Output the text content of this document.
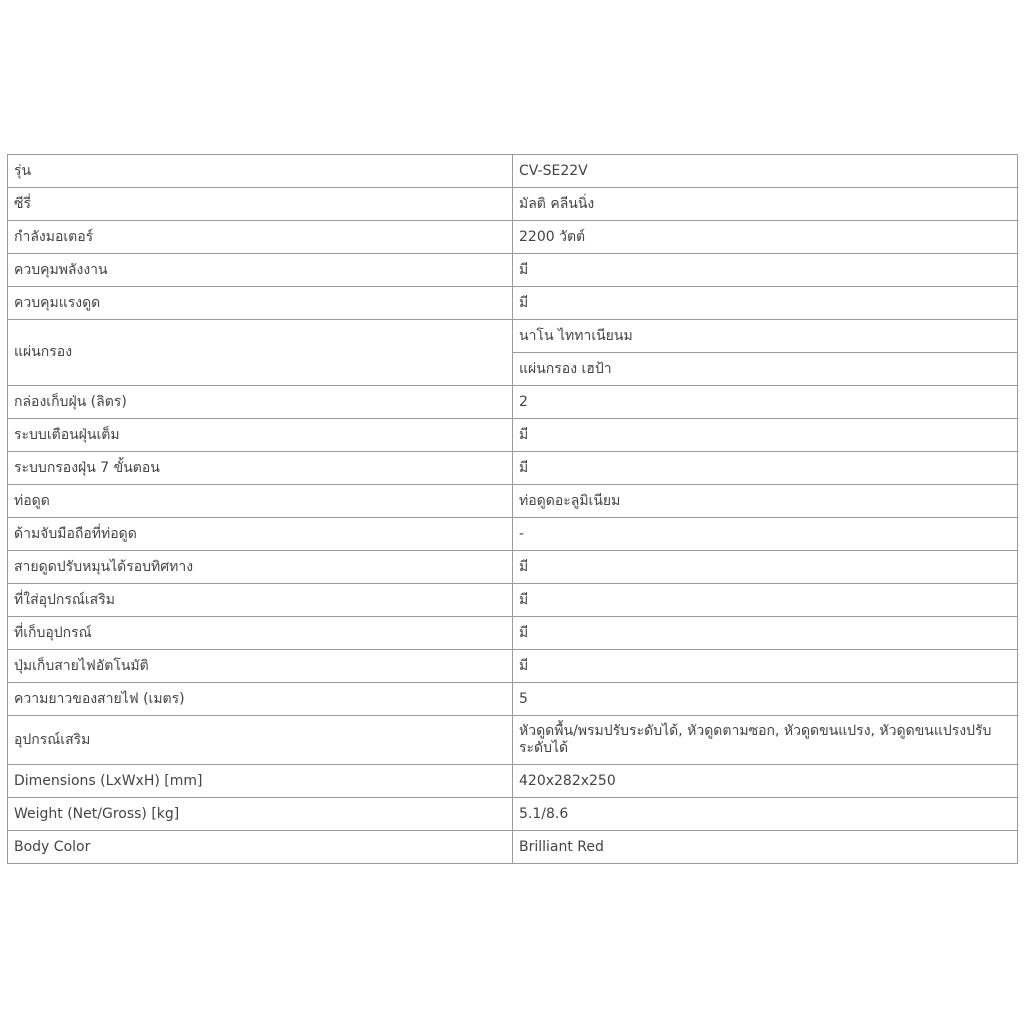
รุ่น	CV-SE22V
ซีรี่	มัลติ คลีนนิ่ง
กำลังมอเตอร์	2200 วัตต์
ควบคุมพลังงาน	มี
ควบคุมแรงดูด	มี
แผ่นกรอง	นาโน ไททาเนียนม
	แผ่นกรอง เฮป้า
กล่องเก็บฝุ่น (ลิตร)	2
ระบบเตือนฝุ่นเต็ม	มี
ระบบกรองฝุ่น 7 ขั้นตอน	มี
ท่อดูด	ท่อดูดอะลูมิเนียม
ด้ามจับมือถือที่ท่อดูด	-
สายดูดปรับหมุนได้รอบทิศทาง	มี
ที่ใส่อุปกรณ์เสริม	มี
ที่เก็บอุปกรณ์	มี
ปุ่มเก็บสายไฟอัตโนมัติ	มี
ความยาวของสายไฟ (เมตร)	5
อุปกรณ์เสริม	หัวดูดพื้น/พรมปรับระดับได้, หัวดูดตามซอก, หัวดูดขนแปรง, หัวดูดขนแปรงปรับระดับได้
Dimensions (LxWxH) [mm]	420x282x250
Weight (Net/Gross) [kg]	5.1/8.6
Body Color	Brilliant Red
